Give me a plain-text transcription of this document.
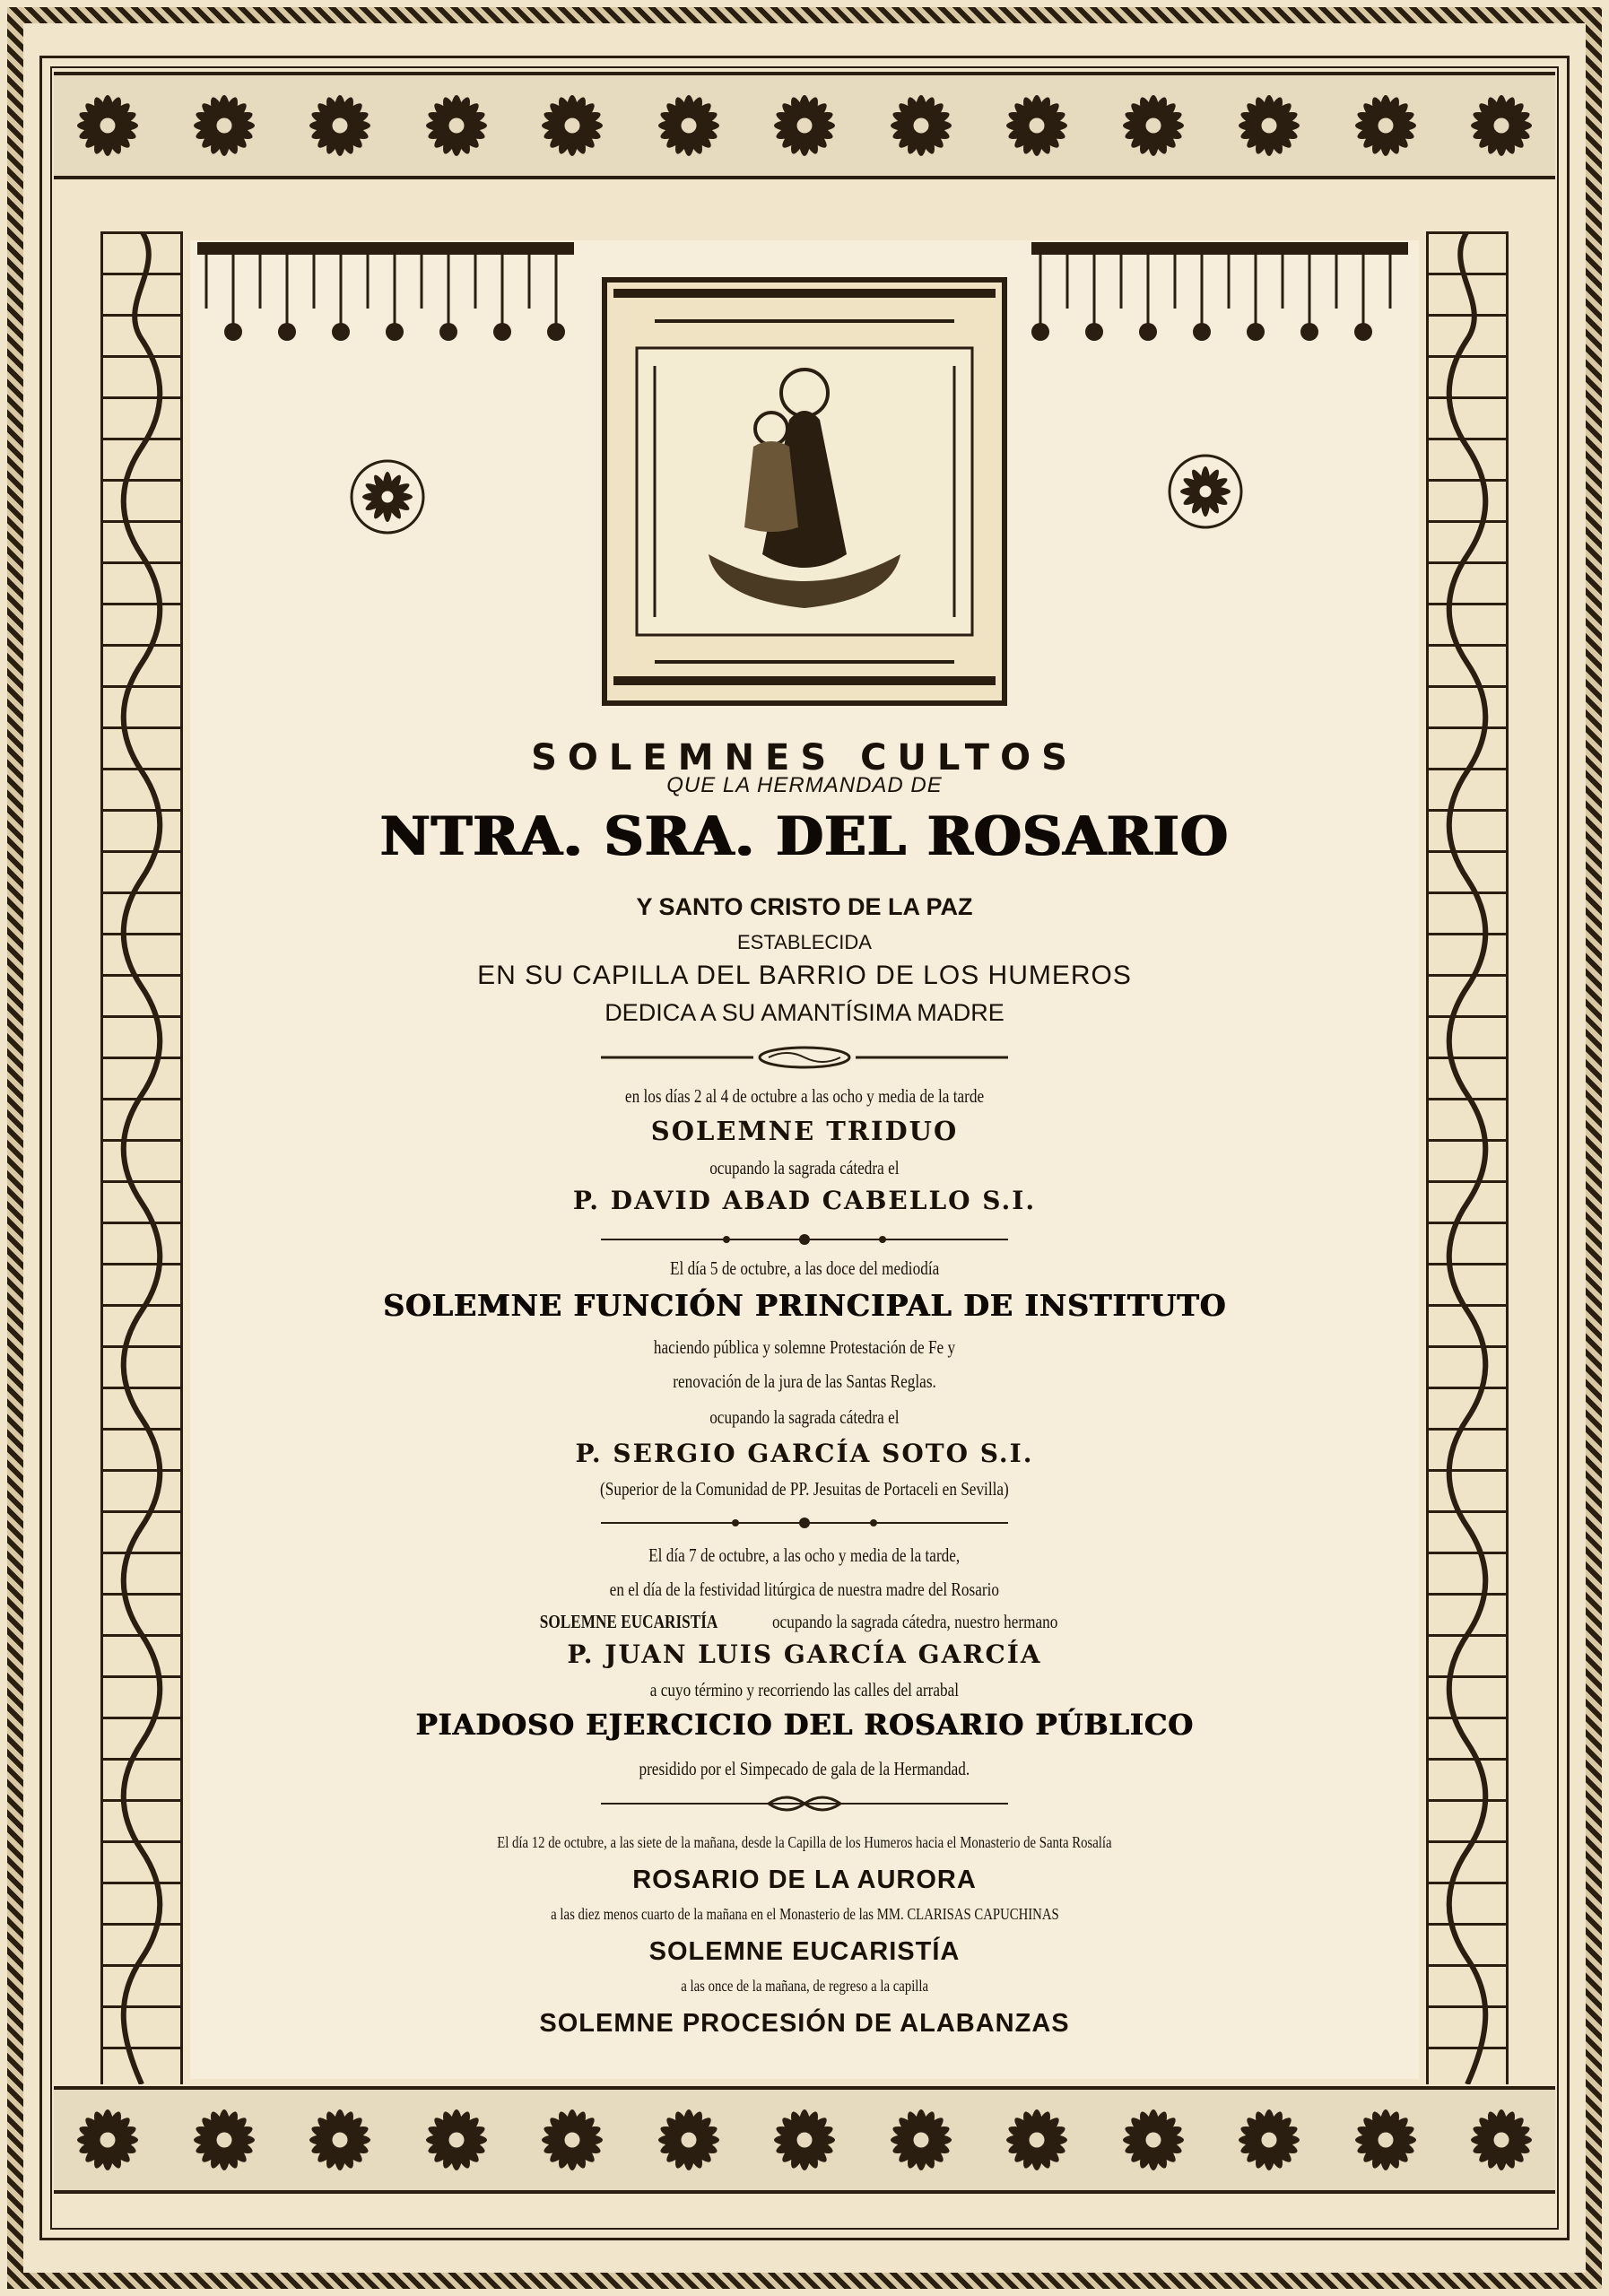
SOLEMNES CULTOS
QUE LA HERMANDAD DE
NTRA. SRA. DEL ROSARIO
Y SANTO CRISTO DE LA PAZ
ESTABLECIDA
EN SU CAPILLA DEL BARRIO DE LOS HUMEROS
DEDICA A SU AMANTÍSIMA MADRE
en los días 2 al 4 de octubre a las ocho y media de la tarde
SOLEMNE TRIDUO
ocupando la sagrada cátedra el
P. DAVID ABAD CABELLO S.I.
El día 5 de octubre, a las doce del mediodía
SOLEMNE FUNCIÓN PRINCIPAL DE INSTITUTO
haciendo pública y solemne Protestación de Fe y
renovación de la jura de las Santas Reglas.
ocupando la sagrada cátedra el
P. SERGIO GARCÍA SOTO S.I.
(Superior de la Comunidad de PP. Jesuitas de Portaceli en Sevilla)
El día 7 de octubre, a las ocho y media de la tarde,
en el día de la festividad litúrgica de nuestra madre del Rosario
SOLEMNE EUCARISTÍA	ocupando la sagrada cátedra, nuestro hermano
P. JUAN LUIS GARCÍA GARCÍA
a cuyo término y recorriendo las calles del arrabal
PIADOSO EJERCICIO DEL ROSARIO PÚBLICO
presidido por el Simpecado de gala de la Hermandad.
El día 12 de octubre, a las siete de la mañana, desde la Capilla de los Humeros hacia el Monasterio de Santa Rosalía
ROSARIO DE LA AURORA
a las diez menos cuarto de la mañana en el Monasterio de las MM. CLARISAS CAPUCHINAS
SOLEMNE EUCARISTÍA
a las once de la mañana, de regreso a la capilla
SOLEMNE PROCESIÓN DE ALABANZAS
